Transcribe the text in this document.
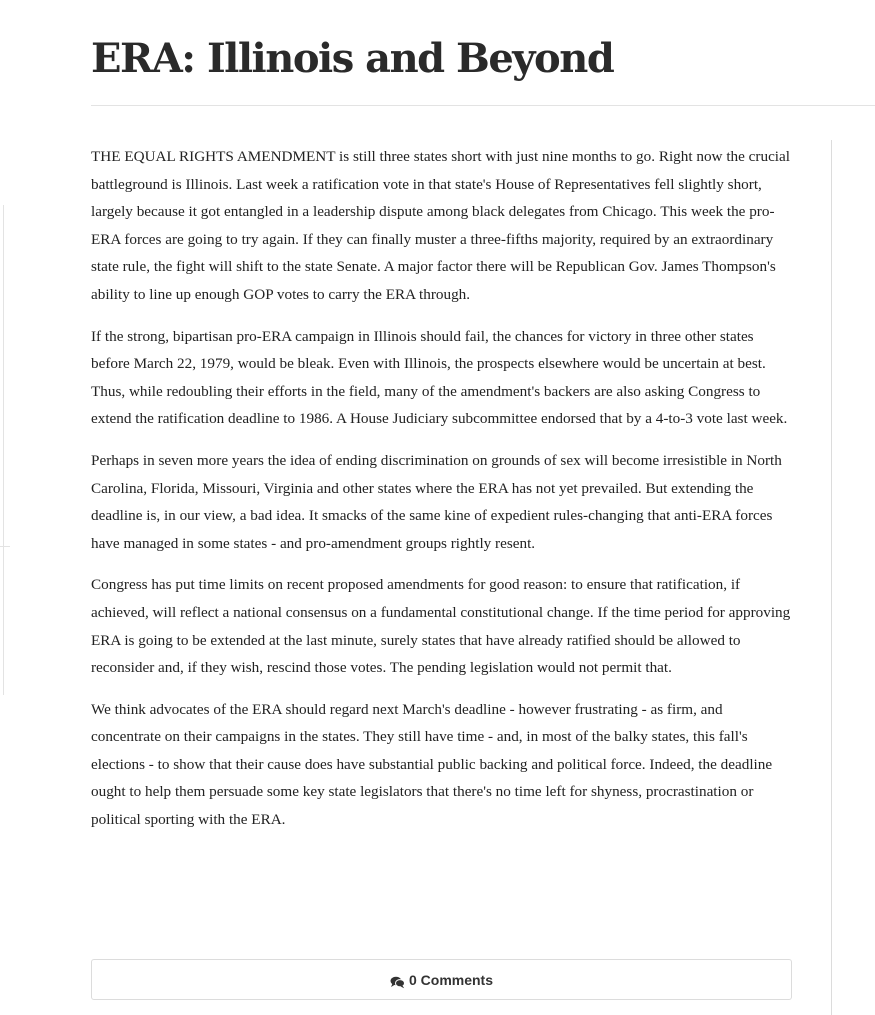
ERA: Illinois and Beyond

THE EQUAL RIGHTS AMENDMENT is still three states short with just nine months to go. Right now the crucial battleground is Illinois. Last week a ratification vote in that state's House of Representatives fell slightly short, largely because it got entangled in a leadership dispute among black delegates from Chicago. This week the pro-ERA forces are going to try again. If they can finally muster a three-fifths majority, required by an extraordinary state rule, the fight will shift to the state Senate. A major factor there will be Republican Gov. James Thompson's ability to line up enough GOP votes to carry the ERA through.

If the strong, bipartisan pro-ERA campaign in Illinois should fail, the chances for victory in three other states before March 22, 1979, would be bleak. Even with Illinois, the prospects elsewhere would be uncertain at best. Thus, while redoubling their efforts in the field, many of the amendment's backers are also asking Congress to extend the ratification deadline to 1986. A House Judiciary subcommittee endorsed that by a 4-to-3 vote last week.

Perhaps in seven more years the idea of ending discrimination on grounds of sex will become irresistible in North Carolina, Florida, Missouri, Virginia and other states where the ERA has not yet prevailed. But extending the deadline is, in our view, a bad idea. It smacks of the same kine of expedient rules-changing that anti-ERA forces have managed in some states - and pro-amendment groups rightly resent.

Congress has put time limits on recent proposed amendments for good reason: to ensure that ratification, if achieved, will reflect a national consensus on a fundamental constitutional change. If the time period for approving ERA is going to be extended at the last minute, surely states that have already ratified should be allowed to reconsider and, if they wish, rescind those votes. The pending legislation would not permit that.

We think advocates of the ERA should regard next March's deadline - however frustrating - as firm, and concentrate on their campaigns in the states. They still have time - and, in most of the balky states, this fall's elections - to show that their cause does have substantial public backing and political force. Indeed, the deadline ought to help them persuade some key state legislators that there's no time left for shyness, procrastination or political sporting with the ERA.

0 Comments
